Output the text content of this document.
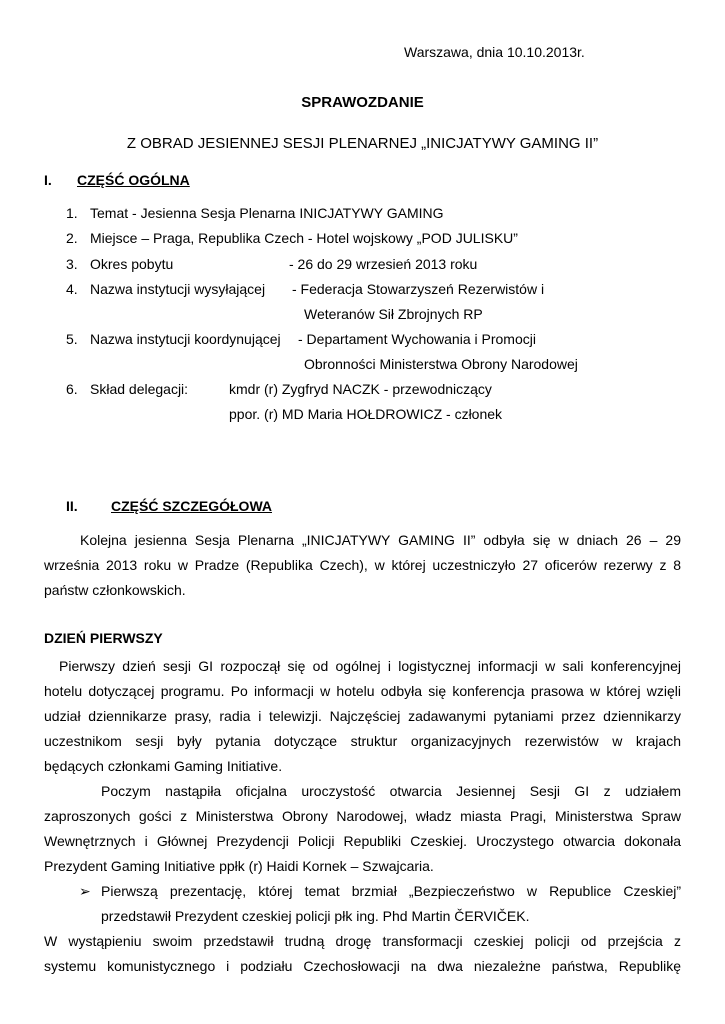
Warszawa, dnia 10.10.2013r.
SPRAWOZDANIE
Z OBRAD JESIENNEJ SESJI PLENARNEJ „INICJATYWY GAMING II”
I. CZĘŚĆ OGÓLNA
1. Temat - Jesienna Sesja Plenarna INICJATYWY GAMING
2. Miejsce – Praga, Republika Czech - Hotel wojskowy „POD JULISKU”
3. Okres pobytu	- 26 do 29 wrzesień 2013 roku
4. Nazwa instytucji wysyłającej - Federacja Stowarzyszeń Rezerwistów i
Weteranów Sił Zbrojnych RP
5. Nazwa instytucji koordynującej - Departament Wychowania i Promocji
Obronności Ministerstwa Obrony Narodowej
6. Skład delegacji:	kmdr (r) Zygfryd NACZK - przewodniczący
ppor. (r) MD Maria HOŁDROWICZ - członek
II. CZĘŚĆ SZCZEGÓŁOWA
Kolejna jesienna Sesja Plenarna „INICJATYWY GAMING II” odbyła się w dniach 26 – 29
września 2013 roku w Pradze (Republika Czech), w której uczestniczyło 27 oficerów rezerwy z 8
państw członkowskich.
DZIEŃ PIERWSZY
Pierwszy dzień sesji GI rozpoczął się od ogólnej i logistycznej informacji w sali konferencyjnej
hotelu dotyczącej programu. Po informacji w hotelu odbyła się konferencja prasowa w której wzięli
udział dziennikarze prasy, radia i telewizji. Najczęściej zadawanymi pytaniami przez dziennikarzy
uczestnikom sesji były pytania dotyczące struktur organizacyjnych rezerwistów w krajach
będących członkami Gaming Initiative.
Poczym nastąpiła oficjalna uroczystość otwarcia Jesiennej Sesji GI z udziałem
zaproszonych gości z Ministerstwa Obrony Narodowej, władz miasta Pragi, Ministerstwa Spraw
Wewnętrznych i Głównej Prezydencji Policji Republiki Czeskiej. Uroczystego otwarcia dokonała
Prezydent Gaming Initiative ppłk (r) Haidi Kornek – Szwajcaria.
➢ Pierwszą prezentację, której temat brzmiał „Bezpieczeństwo w Republice Czeskiej”
przedstawił Prezydent czeskiej policji płk ing. Phd Martin ČERVIČEK.
W wystąpieniu swoim przedstawił trudną drogę transformacji czeskiej policji od przejścia z
systemu komunistycznego i podziału Czechosłowacji na dwa niezależne państwa, Republikę
